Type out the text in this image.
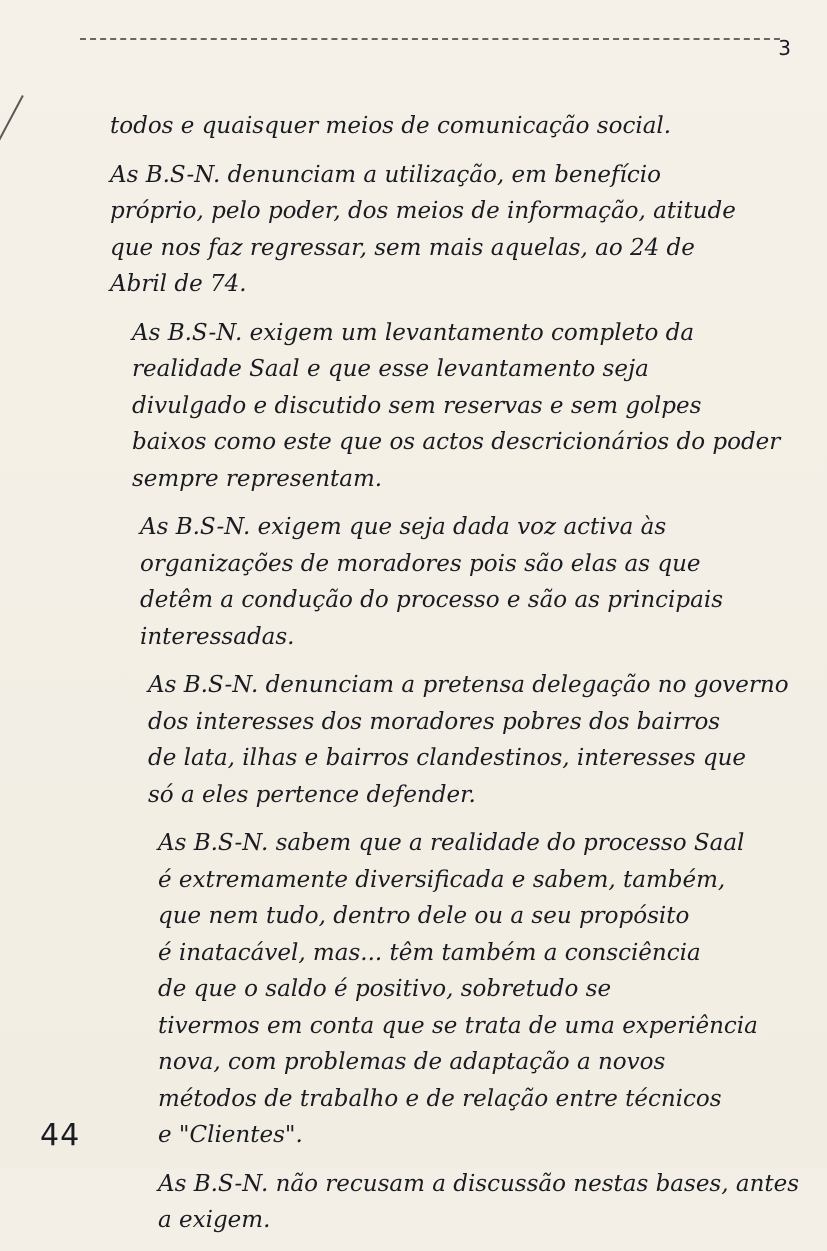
3
todos e quaisquer meios de comunicação social.
As B.S-N. denunciam a utilização, em benefício
próprio, pelo poder, dos meios de informação, atitude
que nos faz regressar, sem mais aquelas, ao 24 de
Abril de 74.
As B.S-N. exigem um levantamento completo da
realidade Saal e que esse levantamento seja
divulgado e discutido sem reservas e sem golpes
baixos como este que os actos descricionários do poder
sempre representam.
As B.S-N. exigem que seja dada voz activa às
organizações de moradores pois são elas as que
detêm a condução do processo e são as principais
interessadas.
As B.S-N. denunciam a pretensa delegação no governo
dos interesses dos moradores pobres dos bairros
de lata, ilhas e bairros clandestinos, interesses que
só a eles pertence defender.
As B.S-N. sabem que a realidade do processo Saal
é extremamente diversificada e sabem, também,
que nem tudo, dentro dele ou a seu propósito
é inatacável, mas... têm também a consciência
de que o saldo é positivo, sobretudo se
tivermos em conta que se trata de uma experiência
nova, com problemas de adaptação a novos
métodos de trabalho e de relação entre técnicos
e "Clientes".
As B.S-N. não recusam a discussão nestas bases, antes
a exigem.
44
